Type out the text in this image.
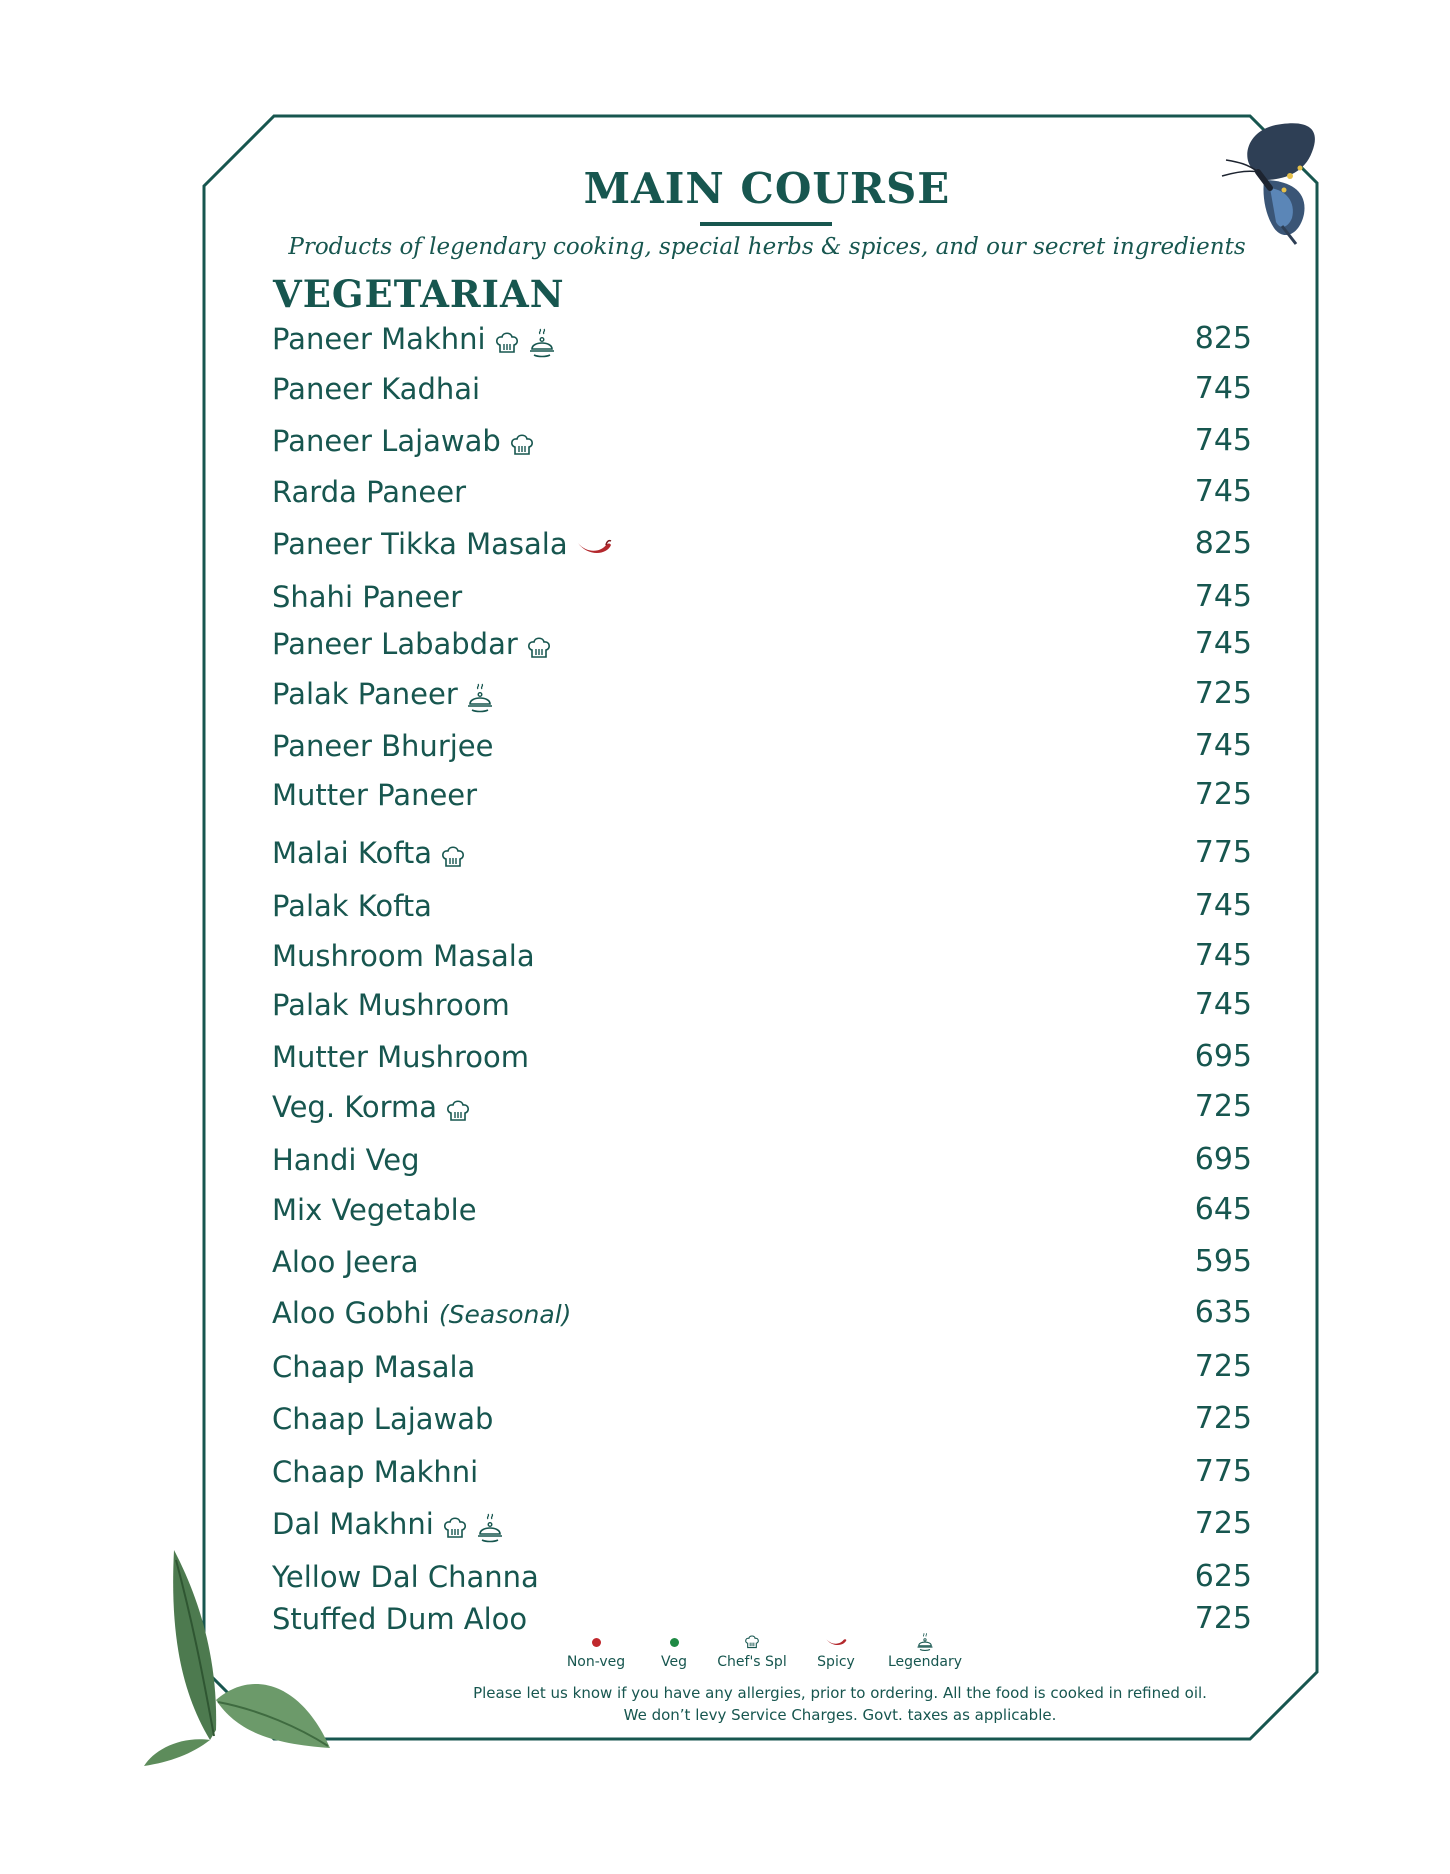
MAIN COURSE
Products of legendary cooking, special herbs & spices, and our secret ingredients
VEGETARIAN
Paneer Makhni	825
Paneer Kadhai	745
Paneer Lajawab	745
Rarda Paneer	745
Paneer Tikka Masala	825
Shahi Paneer	745
Paneer Lababdar	745
Palak Paneer	725
Paneer Bhurjee	745
Mutter Paneer	725
Malai Kofta	775
Palak Kofta	745
Mushroom Masala	745
Palak Mushroom	745
Mutter Mushroom	695
Veg. Korma	725
Handi Veg	695
Mix Vegetable	645
Aloo Jeera	595
Aloo Gobhi (Seasonal)	635
Chaap Masala	725
Chaap Lajawab	725
Chaap Makhni	775
Dal Makhni	725
Yellow Dal Channa	625
Stuffed Dum Aloo	725
Non-veg	Veg	Chef's Spl	Spicy	Legendary
Please let us know if you have any allergies, prior to ordering. All the food is cooked in refined oil.
We don’t levy Service Charges. Govt. taxes as applicable.
